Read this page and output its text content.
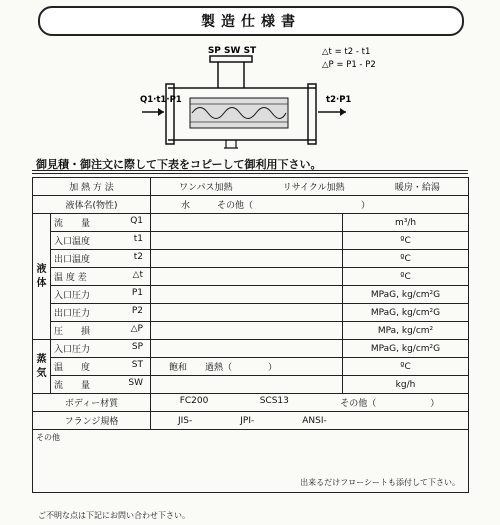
製造仕様書
SP SW ST	△t = t2 - t1
△P = P1 - P2
Q1·t1·P1	t2·P1
御見積・御注文に際して下表をコピーして御利用下さい。
加 熱 方 法		ワンパス加熱 リサイクル加熱 暖房・給湯	

液体名(物性)		水　　　その他（　　　　　　　　　　　　）	
液
体	流　　量 Q1		m³/h

	入口温度 t1		ºC

	出口温度 t2		ºC

	温 度 差 △t		ºC

	入口圧力 P1		MPaG, kg/cm²G

	出口圧力 P2		MPaG, kg/cm²G

	圧　　損 △P		MPa, kg/cm²
蒸
気	入口圧力 SP		MPaG, kg/cm²G

	温　　度 ST	飽和　　過熱（　　　　）	ºC

	流　　量 SW		kg/h
ボディー材質		FC200 SCS13 その他（　　　　　　）	

フランジ規格		JIS- JPI- ANSI-	

その他
出来るだけフローシートも添付して下さい。			
ご不明な点は下記にお問い合わせ下さい。
